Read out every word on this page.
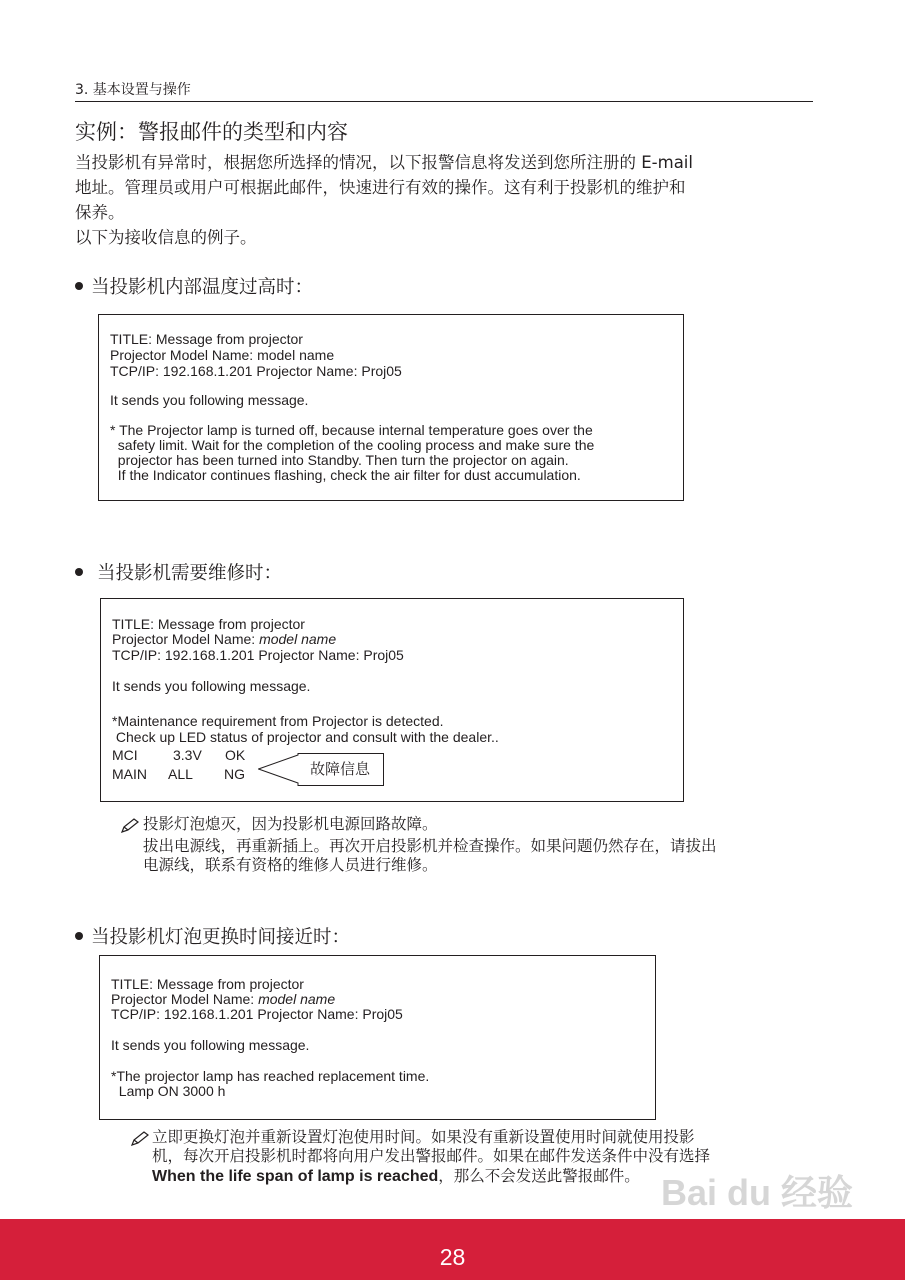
3. 基本设置与操作
实例：警报邮件的类型和内容

当投影机有异常时，根据您所选择的情况，以下报警信息将发送到您所注册的 E-mail

地址。管理员或用户可根据此邮件，快速进行有效的操作。这有利于投影机的维护和

保养。

以下为接收信息的例子。

当投影机内部温度过高时：
TITLE: Message from projector
Projector Model Name: model name
TCP/IP: 192.168.1.201 Projector Name: Proj05
It sends you following message.
* The Projector lamp is turned off, because internal temperature goes over the
safety limit. Wait for the completion of the cooling process and make sure the
projector has been turned into Standby. Then turn the projector on again.
If the Indicator continues flashing, check the air filter for dust accumulation.
当投影机需要维修时：
TITLE: Message from projector
Projector Model Name: model name
TCP/IP: 192.168.1.201 Projector Name: Proj05
It sends you following message.
*Maintenance requirement from Projector is detected.
Check up LED status of projector and consult with the dealer..
MCI	3.3V OK
MAIN ALL NG	故障信息
投影灯泡熄灭，因为投影机电源回路故障。
拔出电源线，再重新插上。再次开启投影机并检查操作。如果问题仍然存在，请拔出
电源线，联系有资格的维修人员进行维修。
当投影机灯泡更换时间接近时：
TITLE: Message from projector
Projector Model Name: model name
TCP/IP: 192.168.1.201 Projector Name: Proj05
It sends you following message.
*The projector lamp has reached replacement time.
Lamp ON 3000 h
立即更换灯泡并重新设置灯泡使用时间。如果没有重新设置使用时间就使用投影
机，每次开启投影机时都将向用户发出警报邮件。如果在邮件发送条件中没有选择
When the life span of lamp is reached，那么不会发送此警报邮件。 Bai du 经验
28
